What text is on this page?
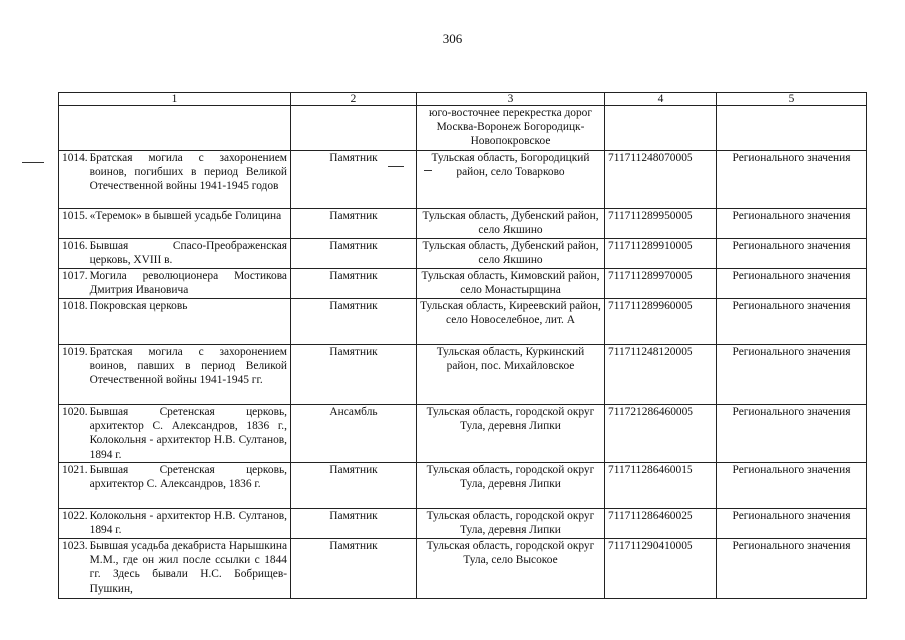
306
1	2	3	4	5
		юго-восточнее перекрестка дорог Москва-Воронеж Богородицк-Новопокровское		

1014. Братская могила с захоронением воинов, погибших в период Великой Отечественной войны 1941-1945 годов	Памятник	Тульская область, Богородицкий район, село Товарково	711711248070005	Регионального значения

1015. «Теремок» в бывшей усадьбе Голицина	Памятник	Тульская область, Дубенский район, село Якшино	711711289950005	Регионального значения

1016. Бывшая Спасо-Преображенская церковь, XVIII в.	Памятник	Тульская область, Дубенский район, село Якшино	711711289910005	Регионального значения

1017. Могила революционера Мостикова Дмитрия Ивановича	Памятник	Тульская область, Кимовский район, село Монастырщина	711711289970005	Регионального значения

1018. Покровская церковь	Памятник	Тульская область, Киреевский район, село Новоселебное, лит. А	711711289960005	Регионального значения

1019. Братская могила с захоронением воинов, павших в период Великой Отечественной войны 1941-1945 гг.	Памятник	Тульская область, Куркинский район, пос. Михайловское	711711248120005	Регионального значения

1020. Бывшая Сретенская церковь, архитектор С. Александров, 1836 г., Колокольня - архитектор Н.В. Султанов, 1894 г.	Ансамбль	Тульская область, городской округ Тула, деревня Липки	711721286460005	Регионального значения

1021. Бывшая Сретенская церковь, архитектор С. Александров, 1836 г.	Памятник	Тульская область, городской округ Тула, деревня Липки	711711286460015	Регионального значения

1022. Колокольня - архитектор Н.В. Султанов, 1894 г.	Памятник	Тульская область, городской округ Тула, деревня Липки	711711286460025	Регионального значения

1023. Бывшая усадьба декабриста Нарышкина М.М., где он жил после ссылки с 1844 гг. Здесь бывали Н.С. Бобрищев-Пушкин,	Памятник	Тульская область, городской округ Тула, село Высокое	711711290410005	Регионального значения
